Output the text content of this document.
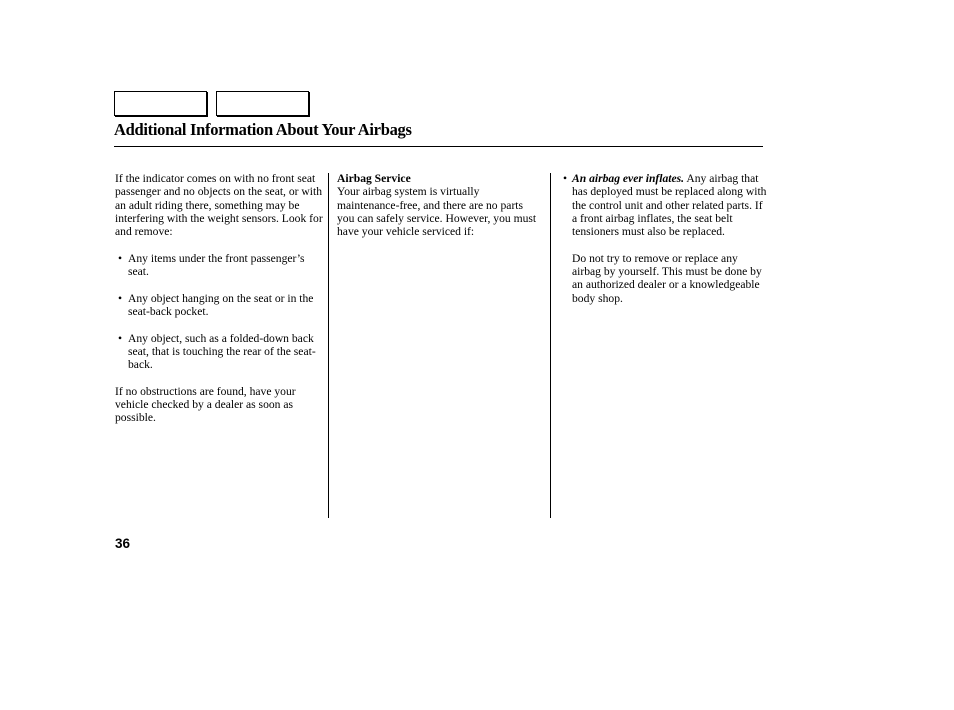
Additional Information About Your Airbags

If the indicator comes on with no front seat passenger and no objects on the seat, or with an adult riding there, something may be interfering with the weight sensors. Look for and remove:

• Any items under the front passenger’s seat.
• Any object hanging on the seat or in the seat-back pocket.
• Any object, such as a folded-down back seat, that is touching the rear of the seat-back.

If no obstructions are found, have your vehicle checked by a dealer as soon as possible.

Airbag Service

Your airbag system is virtually maintenance-free, and there are no parts you can safely service. However, you must have your vehicle serviced if:

• An airbag ever inflates. Any airbag that has deployed must be replaced along with the control unit and other related parts. If a front airbag inflates, the seat belt tensioners must also be replaced.

Do not try to remove or replace any airbag by yourself. This must be done by an authorized dealer or a knowledgeable body shop.

36
